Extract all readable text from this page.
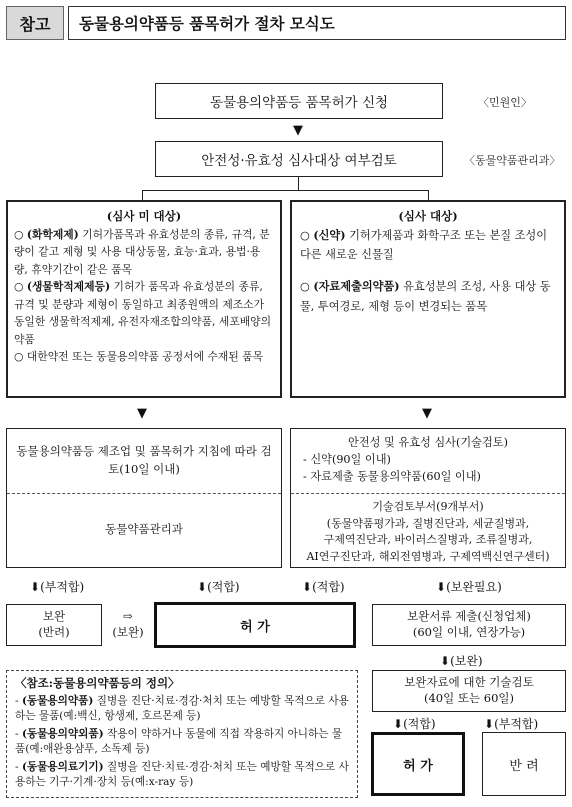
참고	동물용의약품등 품목허가 절차 모식도
동물용의약품등 품목허가 신청	〈민원인〉
▼
안전성·유효성 심사대상 여부검토	〈동물약품관리과〉
(심사 미 대상)
○ (화학제제) 기허가품목과 유효성분의 종류, 규격, 분량이 같고 제형 및 사용 대상동물, 효능·효과, 용법·용량, 휴약기간이 같은 품목
○ (생물학적제제등) 기허가 품목과 유효성분의 종류, 규격 및 분량과 제형이 동일하고 최종원액의 제조소가 동일한 생물학적제제, 유전자재조합의약품, 세포배양의약품
○ 대한약전 또는 동물용의약품 공정서에 수재된 품목
(심사 대상)
○ (신약) 기허가제품과 화학구조 또는 본질 조성이 다른 새로운 신물질
○ (자료제출의약품) 유효성분의 조성, 사용 대상 동물, 투여경로, 제형 등이 변경되는 품목
▼	▼
동물용의약품등 제조업 및 품목허가 지침에 따라 검토(10일 이내)
동물약품관리과
안전성 및 유효성 심사(기술검토)
- 신약(90일 이내)
- 자료제출 동물용의약품(60일 이내)
기술검토부서(9개부서)
(동물약품평가과, 질병진단과, 세균질병과,
구제역진단과, 바이러스질병과, 조류질병과,
AI연구진단과, 해외전염병과, 구제역백신연구센터)
⬇(부적합)	⬇(적합)	⬇(적합)	⬇(보완필요)
보완
(반려)
⇨
(보완)	허 가
보완서류 제출(신청업체)
(60일 이내, 연장가능)
⬇(보완)
보완자료에 대한 기술검토
(40일 또는 60일)
⬇(적합)	⬇(부적합)
허 가	반 려
〈참조:동물용의약품등의 정의〉
- (동물용의약품) 질병을 진단·치료·경감·처치 또는 예방할 목적으로 사용하는 물품(예:백신, 항생제, 호르몬제 등)
- (동물용의약외품) 작용이 약하거나 동물에 직접 작용하지 아니하는 물품(예:애완용샴푸, 소독제 등)
- (동물용의료기기) 질병을 진단·치료·경감·처치 또는 예방할 목적으로 사용하는 기구·기계·장치 등(예:x-ray 등)
